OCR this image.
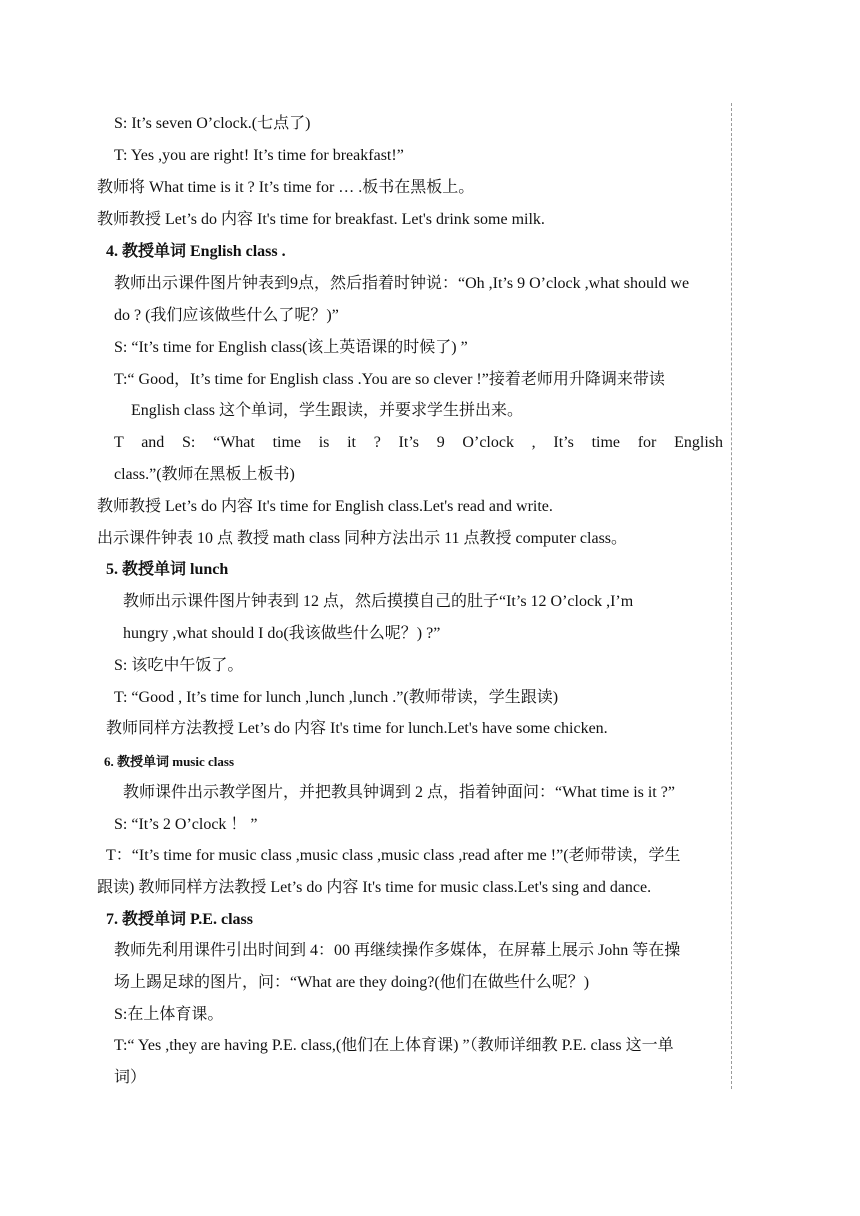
S: It’s seven O’clock.(七点了)
T: Yes ,you are right! It’s time for breakfast!”
教师将 What time is it ? It’s time for … .板书在黑板上。
教师教授 Let’s do 内容 It's time for breakfast. Let's drink some milk.
4. 教授单词 English class .
教师出示课件图片钟表到9点，然后指着时钟说：“Oh ,It’s 9 O’clock ,what should we
do ? (我们应该做些什么了呢？)”
S: “It’s time for English class(该上英语课的时候了) ”
T:“ Good，It’s time for English class .You are so clever !”接着老师用升降调来带读
English class 这个单词，学生跟读，并要求学生拼出来。
T and S: “What time is it ? It’s 9 O’clock , It’s time for English
class.”(教师在黑板上板书)
教师教授 Let’s do 内容 It's time for English class.Let's read and write.
出示课件钟表 10 点 教授 math class 同种方法出示 11 点教授 computer class。
5. 教授单词 lunch
教师出示课件图片钟表到 12 点，然后摸摸自己的肚子“It’s 12 O’clock ,I’m
hungry ,what should I do(我该做些什么呢？) ?”
S: 该吃中午饭了。
T: “Good , It’s time for lunch ,lunch ,lunch .”(教师带读，学生跟读)
教师同样方法教授 Let’s do 内容 It's time for lunch.Let's have some chicken.
6. 教授单词 music class
教师课件出示教学图片，并把教具钟调到 2 点，指着钟面问：“What time is it ?”
S: “It’s 2 O’clock ！ ”
T：“It’s time for music class ,music class ,music class ,read after me !”(老师带读，学生
跟读) 教师同样方法教授 Let’s do 内容 It's time for music class.Let's sing and dance.
7. 教授单词 P.E. class
教师先利用课件引出时间到 4：00 再继续操作多媒体，在屏幕上展示 John 等在操
场上踢足球的图片，问：“What are they doing?(他们在做些什么呢？)
S:在上体育课。
T:“ Yes ,they are having P.E. class,(他们在上体育课) ”（教师详细教 P.E. class 这一单
词）
